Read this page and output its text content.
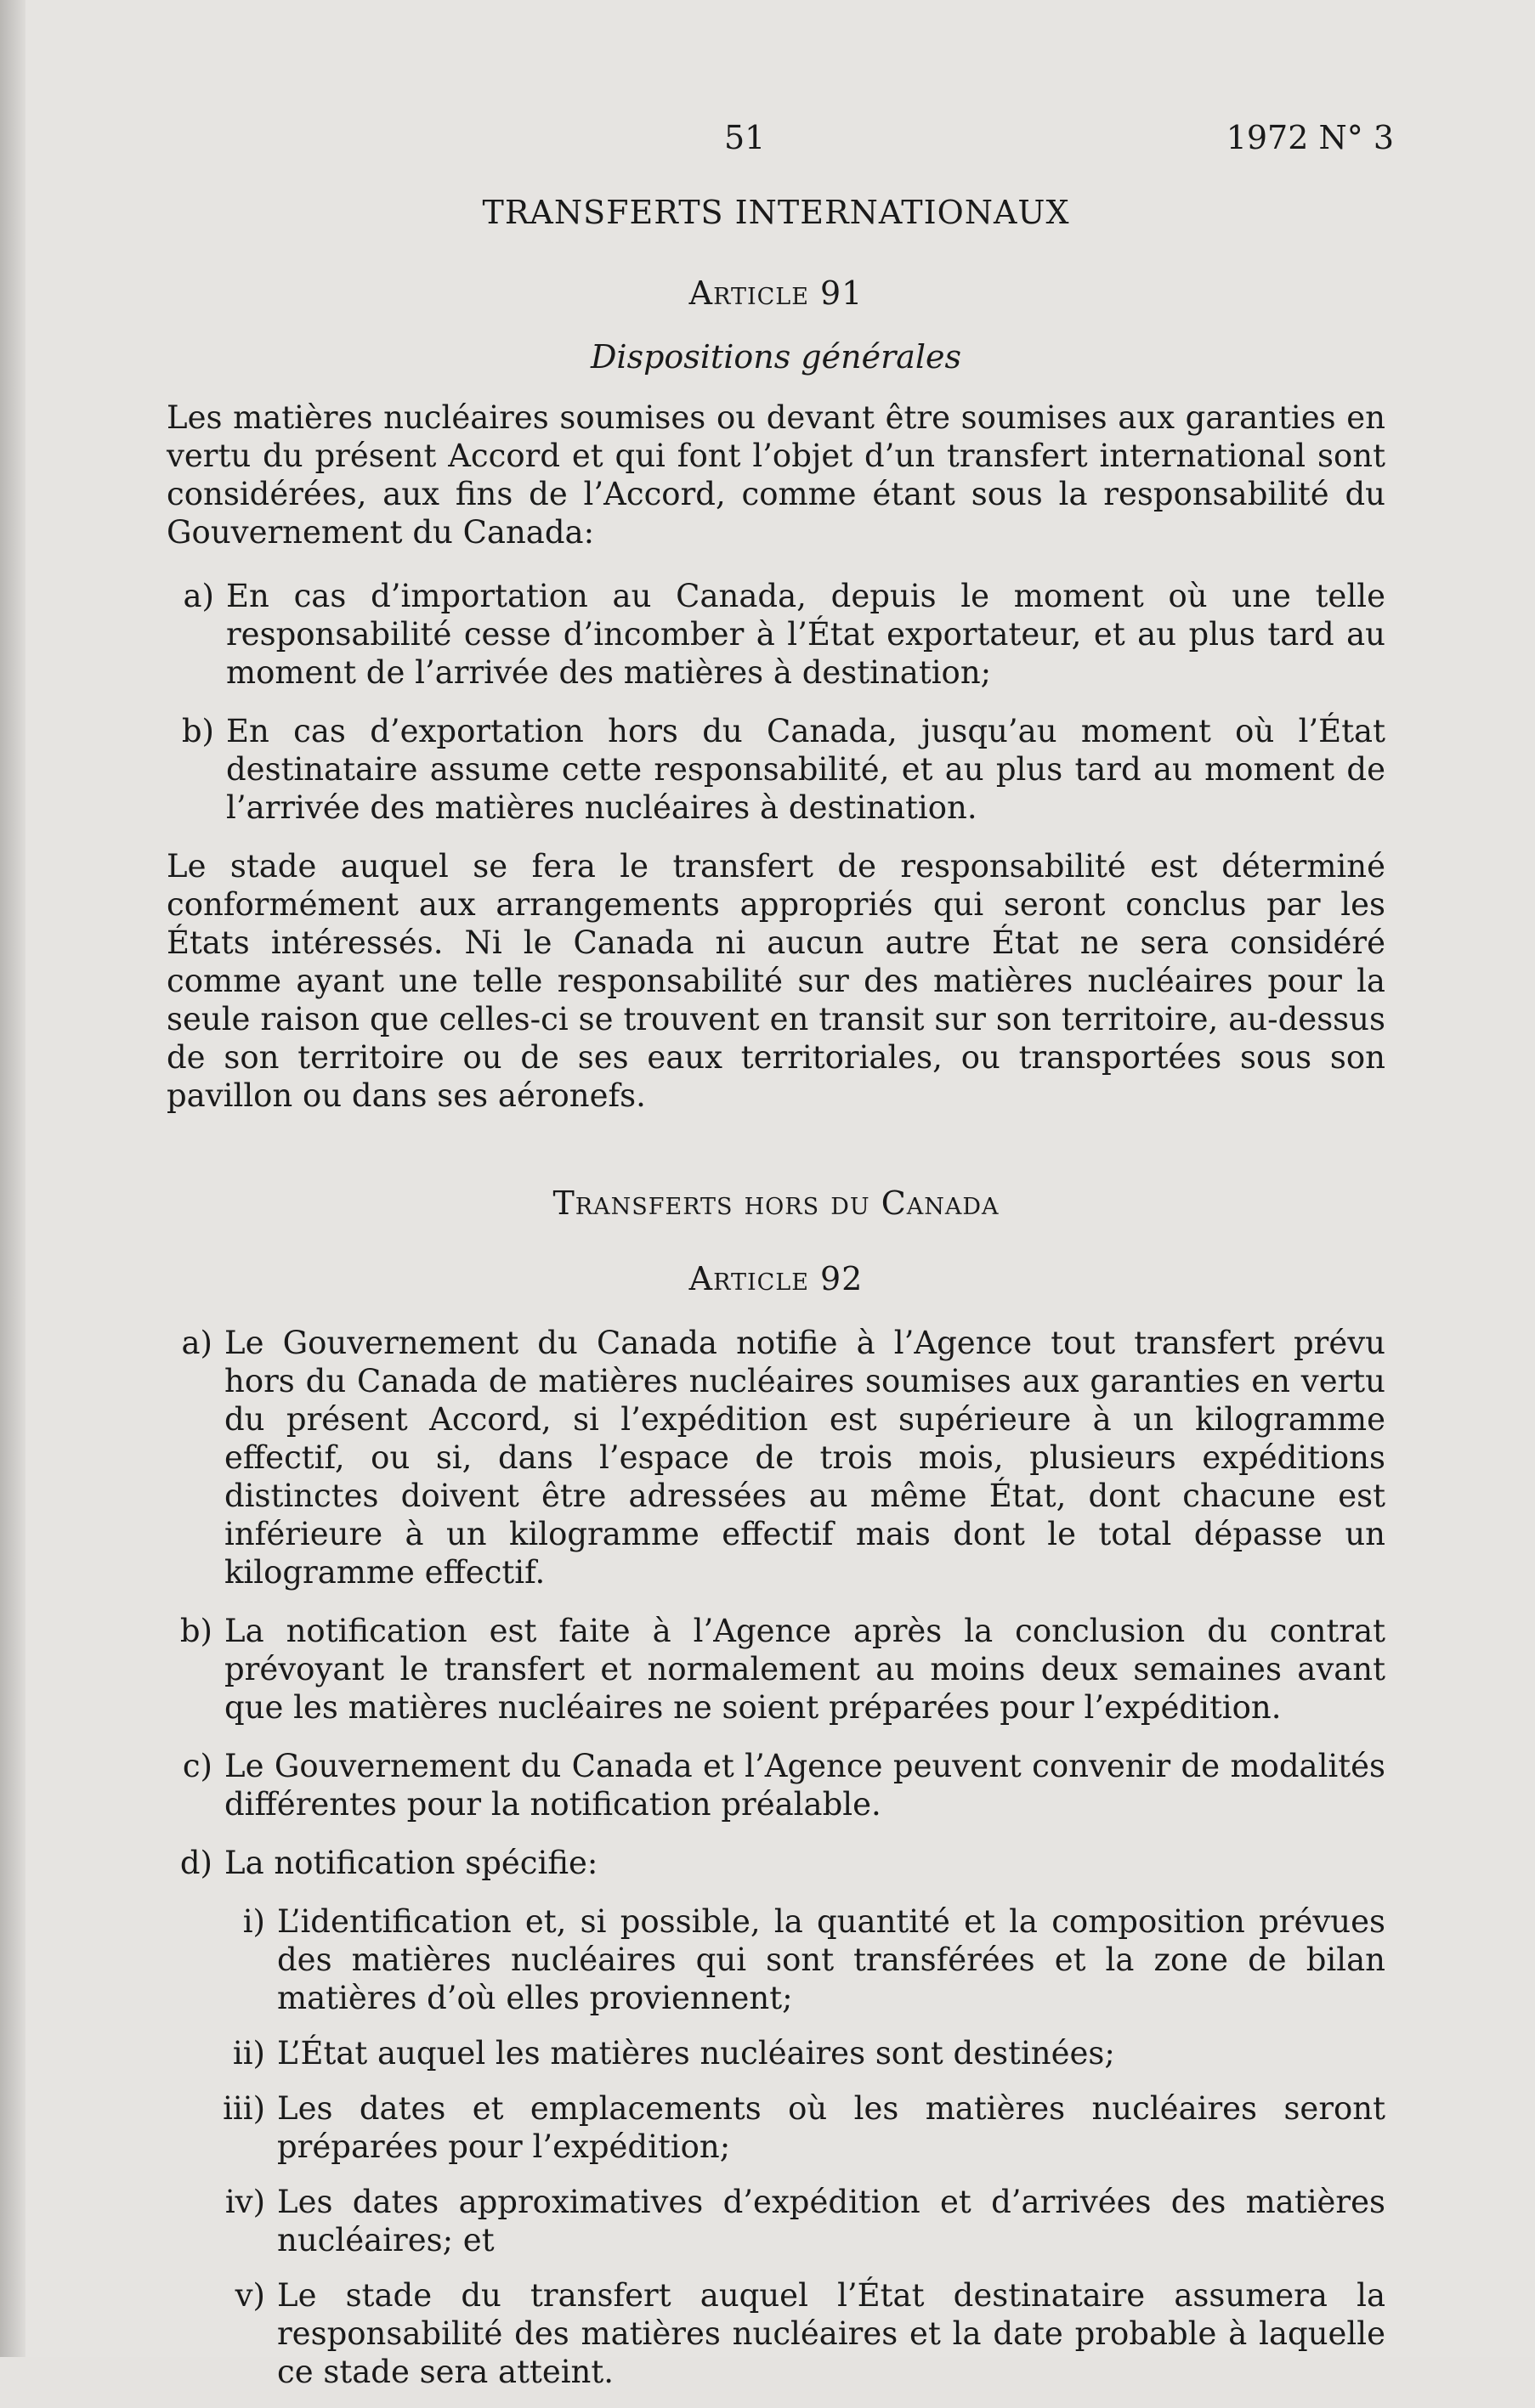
51	1972 N° 3
TRANSFERTS INTERNATIONAUX
Article 91
Dispositions générales
Les matières nucléaires soumises ou devant être soumises aux garanties en vertu du présent Accord et qui font l’objet d’un transfert international sont considérées, aux fins de l’Accord, comme étant sous la responsabilité du Gouvernement du Canada:
a) En cas d’importation au Canada, depuis le moment où une telle responsabilité cesse d’incomber à l’État exportateur, et au plus tard au moment de l’arrivée des matières à destination;
b) En cas d’exportation hors du Canada, jusqu’au moment où l’État destinataire assume cette responsabilité, et au plus tard au moment de l’arrivée des matières nucléaires à destination.
Le stade auquel se fera le transfert de responsabilité est déterminé conformément aux arrangements appropriés qui seront conclus par les États intéressés. Ni le Canada ni aucun autre État ne sera considéré comme ayant une telle responsabilité sur des matières nucléaires pour la seule raison que celles-ci se trouvent en transit sur son territoire, au-dessus de son territoire ou de ses eaux territoriales, ou transportées sous son pavillon ou dans ses aéronefs.
Transferts hors du Canada
Article 92
a) Le Gouvernement du Canada notifie à l’Agence tout transfert prévu hors du Canada de matières nucléaires soumises aux garanties en vertu du présent Accord, si l’expédition est supérieure à un kilogramme effectif, ou si, dans l’espace de trois mois, plusieurs expéditions distinctes doivent être adressées au même État, dont chacune est inférieure à un kilogramme effectif mais dont le total dépasse un kilogramme effectif.
b) La notification est faite à l’Agence après la conclusion du contrat prévoyant le transfert et normalement au moins deux semaines avant que les matières nucléaires ne soient préparées pour l’expédition.
c) Le Gouvernement du Canada et l’Agence peuvent convenir de modalités différentes pour la notification préalable.
d) La notification spécifie:
i) L’identification et, si possible, la quantité et la composition prévues des matières nucléaires qui sont transférées et la zone de bilan matières d’où elles proviennent;
ii) L’État auquel les matières nucléaires sont destinées;
iii) Les dates et emplacements où les matières nucléaires seront préparées pour l’expédition;
iv) Les dates approximatives d’expédition et d’arrivées des matières nucléaires; et
v) Le stade du transfert auquel l’État destinataire assumera la responsabilité des matières nucléaires et la date probable à laquelle ce stade sera atteint.
